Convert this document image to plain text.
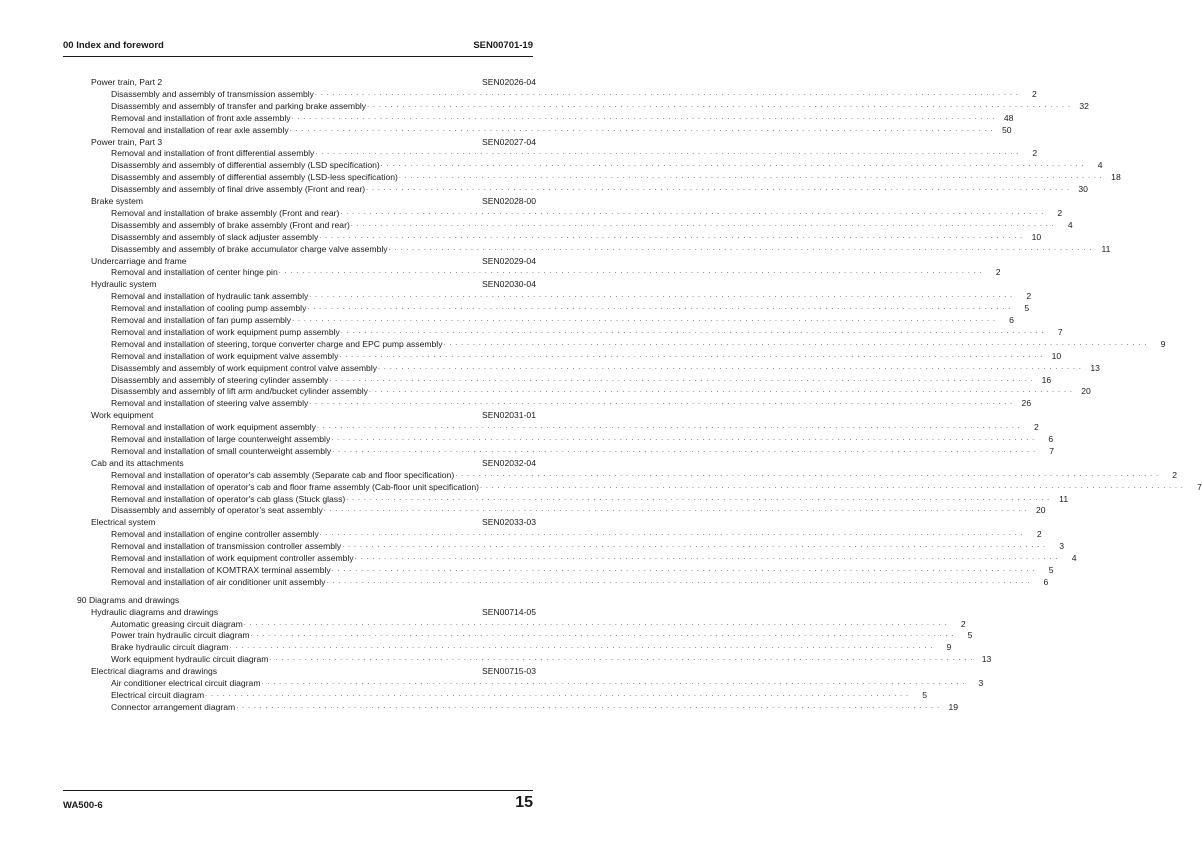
00 Index and foreword	SEN00701-19
Power train, Part 2	SEN02026-04
Disassembly and assembly of transmission assembly . . . . . . . . . . . . . . . . . . . . . . . . . . . . . . . . . . . . . . . . . . . . . . . . . . . . . . . . . . . . . . . . . . . . . . . . . . . . . . . . . . . . . . . . . . . . . . . . . . . . . . . . . . . . . . . . . . . . . . . .	2
Disassembly and assembly of transfer and parking brake assembly . . . . . . . . . . . . . . . . . . . . . . . . . . . . . . . . . . . . . . . . . . . . . . . . . . . . . . . . . . . . . . . . . . . . . . . . . . . . . . . . . . . . . . . . . . . . . . . . . . . . . . . . . . . . . . . . . . . . . . . . 32
Removal and installation of front axle assembly . . . . . . . . . . . . . . . . . . . . . . . . . . . . . . . . . . . . . . . . . . . . . . . . . . . . . . . . . . . . . . . . . . . . . . . . . . . . . . . . . . . . . . . . . . . . . . . . . . . . . . . . . . . . . . . . . . . . . . . . 48
Removal and installation of rear axle assembly . . . . . . . . . . . . . . . . . . . . . . . . . . . . . . . . . . . . . . . . . . . . . . . . . . . . . . . . . . . . . . . . . . . . . . . . . . . . . . . . . . . . . . . . . . . . . . . . . . . . . . . . . . . . . . . . . . . . . . . . 50
Power train, Part 3	SEN02027-04
Removal and installation of front differential assembly . . . . . . . . . . . . . . . . . . . . . . . . . . . . . . . . . . . . . . . . . . . . . . . . . . . . . . . . . . . . . . . . . . . . . . . . . . . . . . . . . . . . . . . . . . . . . . . . . . . . . . . . . . . . . . . . . . . . . . . .	2
Disassembly and assembly of differential assembly (LSD specification) . . . . . . . . . . . . . . . . . . . . . . . . . . . . . . . . . . . . . . . . . . . . . . . . . . . . . . . . . . . . . . . . . . . . . . . . . . . . . . . . . . . . . . . . . . . . . . . . . . . . . . . . . . . . . . . . . . . . . . . .	4
Disassembly and assembly of differential assembly (LSD-less specification) . . . . . . . . . . . . . . . . . . . . . . . . . . . . . . . . . . . . . . . . . . . . . . . . . . . . . . . . . . . . . . . . . . . . . . . . . . . . . . . . . . . . . . . . . . . . . . . . . . . . . . . . . . . . . . . . . . . . . . . . 18
Disassembly and assembly of final drive assembly (Front and rear) . . . . . . . . . . . . . . . . . . . . . . . . . . . . . . . . . . . . . . . . . . . . . . . . . . . . . . . . . . . . . . . . . . . . . . . . . . . . . . . . . . . . . . . . . . . . . . . . . . . . . . . . . . . . . . . . . . . . . . . . 30
Brake system	SEN02028-00
Removal and installation of brake assembly (Front and rear) . . . . . . . . . . . . . . . . . . . . . . . . . . . . . . . . . . . . . . . . . . . . . . . . . . . . . . . . . . . . . . . . . . . . . . . . . . . . . . . . . . . . . . . . . . . . . . . . . . . . . . . . . . . . . . . . . . . . . . . .	2
Disassembly and assembly of brake assembly (Front and rear) . . . . . . . . . . . . . . . . . . . . . . . . . . . . . . . . . . . . . . . . . . . . . . . . . . . . . . . . . . . . . . . . . . . . . . . . . . . . . . . . . . . . . . . . . . . . . . . . . . . . . . . . . . . . . . . . . . . . . . . .	4
Disassembly and assembly of slack adjuster assembly . . . . . . . . . . . . . . . . . . . . . . . . . . . . . . . . . . . . . . . . . . . . . . . . . . . . . . . . . . . . . . . . . . . . . . . . . . . . . . . . . . . . . . . . . . . . . . . . . . . . . . . . . . . . . . . . . . . . . . . . 10
Disassembly and assembly of brake accumulator charge valve assembly . . . . . . . . . . . . . . . . . . . . . . . . . . . . . . . . . . . . . . . . . . . . . . . . . . . . . . . . . . . . . . . . . . . . . . . . . . . . . . . . . . . . . . . . . . . . . . . . . . . . . . . . . . . . . . . . . . . . . . . .	11
Undercarriage and frame	SEN02029-04
Removal and installation of center hinge pin . . . . . . . . . . . . . . . . . . . . . . . . . . . . . . . . . . . . . . . . . . . . . . . . . . . . . . . . . . . . . . . . . . . . . . . . . . . . . . . . . . . . . . . . . . . . . . . . . . . . . . . . . . . . . . . . . . . . . . . .	2
Hydraulic system	SEN02030-04
Removal and installation of hydraulic tank assembly . . . . . . . . . . . . . . . . . . . . . . . . . . . . . . . . . . . . . . . . . . . . . . . . . . . . . . . . . . . . . . . . . . . . . . . . . . . . . . . . . . . . . . . . . . . . . . . . . . . . . . . . . . . . . . . . . . . . . . . .	2
Removal and installation of cooling pump assembly . . . . . . . . . . . . . . . . . . . . . . . . . . . . . . . . . . . . . . . . . . . . . . . . . . . . . . . . . . . . . . . . . . . . . . . . . . . . . . . . . . . . . . . . . . . . . . . . . . . . . . . . . . . . . . . . . . . . . . . .	5
Removal and installation of fan pump assembly . . . . . . . . . . . . . . . . . . . . . . . . . . . . . . . . . . . . . . . . . . . . . . . . . . . . . . . . . . . . . . . . . . . . . . . . . . . . . . . . . . . . . . . . . . . . . . . . . . . . . . . . . . . . . . . . . . . . . . . .	6
Removal and installation of work equipment pump assembly . . . . . . . . . . . . . . . . . . . . . . . . . . . . . . . . . . . . . . . . . . . . . . . . . . . . . . . . . . . . . . . . . . . . . . . . . . . . . . . . . . . . . . . . . . . . . . . . . . . . . . . . . . . . . . . . . . . . . . . .	7
Removal and installation of steering, torque converter charge and EPC pump assembly . . . . . . . . . . . . . . . . . . . . . . . . . . . . . . . . . . . . . . . . . . . . . . . . . . . . . . . . . . . . . . . . . . . . . . . . . . . . . . . . . . . . . . . . . . . . . . . . . . . . . . . . . . . . . . . . . . . . . . . .	9
Removal and installation of work equipment valve assembly . . . . . . . . . . . . . . . . . . . . . . . . . . . . . . . . . . . . . . . . . . . . . . . . . . . . . . . . . . . . . . . . . . . . . . . . . . . . . . . . . . . . . . . . . . . . . . . . . . . . . . . . . . . . . . . . . . . . . . . . 10
Disassembly and assembly of work equipment control valve assembly . . . . . . . . . . . . . . . . . . . . . . . . . . . . . . . . . . . . . . . . . . . . . . . . . . . . . . . . . . . . . . . . . . . . . . . . . . . . . . . . . . . . . . . . . . . . . . . . . . . . . . . . . . . . . . . . . . . . . . . . 13
Disassembly and assembly of steering cylinder assembly . . . . . . . . . . . . . . . . . . . . . . . . . . . . . . . . . . . . . . . . . . . . . . . . . . . . . . . . . . . . . . . . . . . . . . . . . . . . . . . . . . . . . . . . . . . . . . . . . . . . . . . . . . . . . . . . . . . . . . . . 16
Disassembly and assembly of lift arm and/bucket cylinder assembly . . . . . . . . . . . . . . . . . . . . . . . . . . . . . . . . . . . . . . . . . . . . . . . . . . . . . . . . . . . . . . . . . . . . . . . . . . . . . . . . . . . . . . . . . . . . . . . . . . . . . . . . . . . . . . . . . . . . . . . . 20
Removal and installation of steering valve assembly . . . . . . . . . . . . . . . . . . . . . . . . . . . . . . . . . . . . . . . . . . . . . . . . . . . . . . . . . . . . . . . . . . . . . . . . . . . . . . . . . . . . . . . . . . . . . . . . . . . . . . . . . . . . . . . . . . . . . . . . 26
Work equipment	SEN02031-01
Removal and installation of work equipment assembly . . . . . . . . . . . . . . . . . . . . . . . . . . . . . . . . . . . . . . . . . . . . . . . . . . . . . . . . . . . . . . . . . . . . . . . . . . . . . . . . . . . . . . . . . . . . . . . . . . . . . . . . . . . . . . . . . . . . . . . .	2
Removal and installation of large counterweight assembly . . . . . . . . . . . . . . . . . . . . . . . . . . . . . . . . . . . . . . . . . . . . . . . . . . . . . . . . . . . . . . . . . . . . . . . . . . . . . . . . . . . . . . . . . . . . . . . . . . . . . . . . . . . . . . . . . . . . . . . .	6
Removal and installation of small counterweight assembly . . . . . . . . . . . . . . . . . . . . . . . . . . . . . . . . . . . . . . . . . . . . . . . . . . . . . . . . . . . . . . . . . . . . . . . . . . . . . . . . . . . . . . . . . . . . . . . . . . . . . . . . . . . . . . . . . . . . . . . .	7
Cab and its attachments	SEN02032-04
Removal and installation of operator's cab assembly (Separate cab and floor specification) . . . . . . . . . . . . . . . . . . . . . . . . . . . . . . . . . . . . . . . . . . . . . . . . . . . . . . . . . . . . . . . . . . . . . . . . . . . . . . . . . . . . . . . . . . . . . . . . . . . . . . . . . . . . . . . . . . . . . . . .	2
Removal and installation of operator's cab and floor frame assembly (Cab-floor unit specification) . . . . . . . . . . . . . . . . . . . . . . . . . . . . . . . . . . . . . . . . . . . . . . . . . . . . . . . . . . . . . . . . . . . . . . . . . . . . . . . . . . . . . . . . . . . . . . . . . . . . . . . . . . . . . . . . . . . . . . . .	7
Removal and installation of operator's cab glass (Stuck glass) . . . . . . . . . . . . . . . . . . . . . . . . . . . . . . . . . . . . . . . . . . . . . . . . . . . . . . . . . . . . . . . . . . . . . . . . . . . . . . . . . . . . . . . . . . . . . . . . . . . . . . . . . . . . . . . . . . . . . . . .	11
Disassembly and assembly of operator’s seat assembly . . . . . . . . . . . . . . . . . . . . . . . . . . . . . . . . . . . . . . . . . . . . . . . . . . . . . . . . . . . . . . . . . . . . . . . . . . . . . . . . . . . . . . . . . . . . . . . . . . . . . . . . . . . . . . . . . . . . . . . . 20
Electrical system	SEN02033-03
Removal and installation of engine controller assembly . . . . . . . . . . . . . . . . . . . . . . . . . . . . . . . . . . . . . . . . . . . . . . . . . . . . . . . . . . . . . . . . . . . . . . . . . . . . . . . . . . . . . . . . . . . . . . . . . . . . . . . . . . . . . . . . . . . . . . . .	2
Removal and installation of transmission controller assembly . . . . . . . . . . . . . . . . . . . . . . . . . . . . . . . . . . . . . . . . . . . . . . . . . . . . . . . . . . . . . . . . . . . . . . . . . . . . . . . . . . . . . . . . . . . . . . . . . . . . . . . . . . . . . . . . . . . . . . . .	3
Removal and installation of work equipment controller assembly . . . . . . . . . . . . . . . . . . . . . . . . . . . . . . . . . . . . . . . . . . . . . . . . . . . . . . . . . . . . . . . . . . . . . . . . . . . . . . . . . . . . . . . . . . . . . . . . . . . . . . . . . . . . . . . . . . . . . . . .	4
Removal and installation of KOMTRAX terminal assembly . . . . . . . . . . . . . . . . . . . . . . . . . . . . . . . . . . . . . . . . . . . . . . . . . . . . . . . . . . . . . . . . . . . . . . . . . . . . . . . . . . . . . . . . . . . . . . . . . . . . . . . . . . . . . . . . . . . . . . . .	5
Removal and installation of air conditioner unit assembly . . . . . . . . . . . . . . . . . . . . . . . . . . . . . . . . . . . . . . . . . . . . . . . . . . . . . . . . . . . . . . . . . . . . . . . . . . . . . . . . . . . . . . . . . . . . . . . . . . . . . . . . . . . . . . . . . . . . . . . .	6
90 Diagrams and drawings
Hydraulic diagrams and drawings	SEN00714-05
Automatic greasing circuit diagram . . . . . . . . . . . . . . . . . . . . . . . . . . . . . . . . . . . . . . . . . . . . . . . . . . . . . . . . . . . . . . . . . . . . . . . . . . . . . . . . . . . . . . . . . . . . . . . . . . . . . . . . . . . . . . . . . . . . . . . .	2
Power train hydraulic circuit diagram . . . . . . . . . . . . . . . . . . . . . . . . . . . . . . . . . . . . . . . . . . . . . . . . . . . . . . . . . . . . . . . . . . . . . . . . . . . . . . . . . . . . . . . . . . . . . . . . . . . . . . . . . . . . . . . . . . . . . . . .	5
Brake hydraulic circuit diagram . . . . . . . . . . . . . . . . . . . . . . . . . . . . . . . . . . . . . . . . . . . . . . . . . . . . . . . . . . . . . . . . . . . . . . . . . . . . . . . . . . . . . . . . . . . . . . . . . . . . . . . . . . . . . . . . . . . . . . . .	9
Work equipment hydraulic circuit diagram . . . . . . . . . . . . . . . . . . . . . . . . . . . . . . . . . . . . . . . . . . . . . . . . . . . . . . . . . . . . . . . . . . . . . . . . . . . . . . . . . . . . . . . . . . . . . . . . . . . . . . . . . . . . . . . . . . . . . . . . 13
Electrical diagrams and drawings	SEN00715-03
Air conditioner electrical circuit diagram . . . . . . . . . . . . . . . . . . . . . . . . . . . . . . . . . . . . . . . . . . . . . . . . . . . . . . . . . . . . . . . . . . . . . . . . . . . . . . . . . . . . . . . . . . . . . . . . . . . . . . . . . . . . . . . . . . . . . . . .	3
Electrical circuit diagram . . . . . . . . . . . . . . . . . . . . . . . . . . . . . . . . . . . . . . . . . . . . . . . . . . . . . . . . . . . . . . . . . . . . . . . . . . . . . . . . . . . . . . . . . . . . . . . . . . . . . . . . . . . . . . . . . . . . . . . .	5
Connector arrangement diagram . . . . . . . . . . . . . . . . . . . . . . . . . . . . . . . . . . . . . . . . . . . . . . . . . . . . . . . . . . . . . . . . . . . . . . . . . . . . . . . . . . . . . . . . . . . . . . . . . . . . . . . . . . . . . . . . . . . . . . . . 19
WA500-6	15
